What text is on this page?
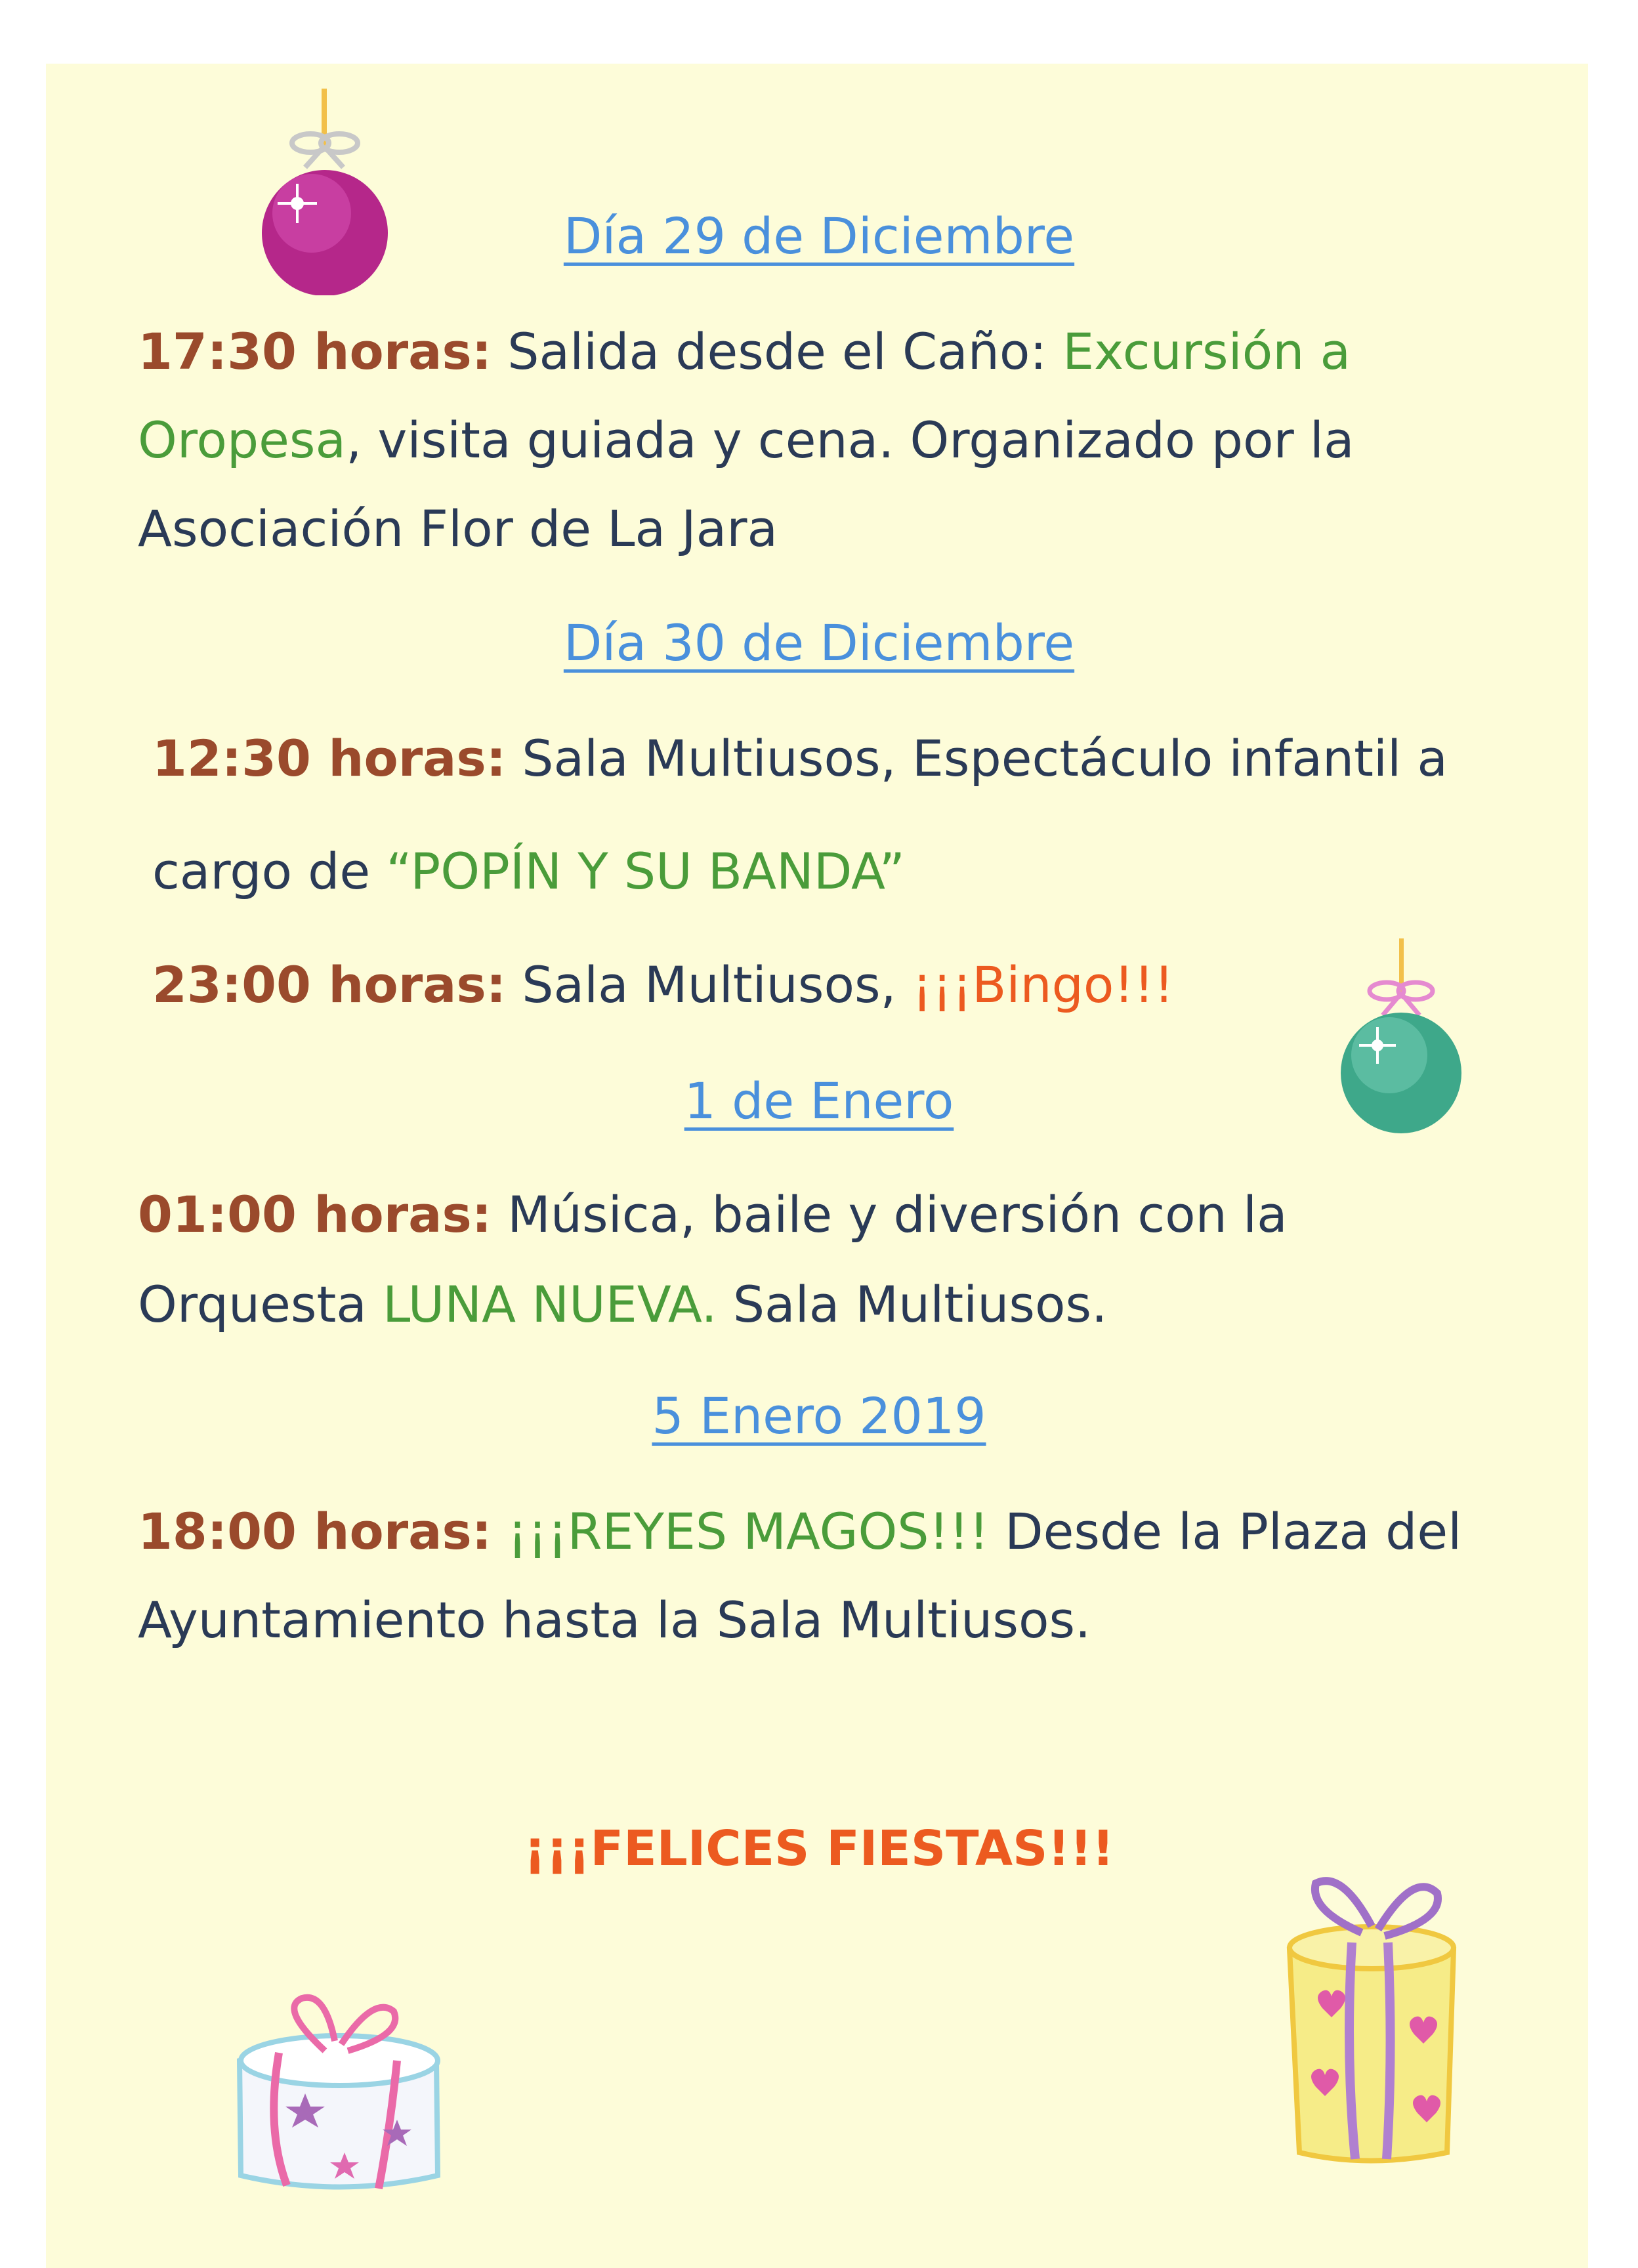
Día 29 de Diciembre
Día 30 de Diciembre
1 de Enero
5 Enero 2019
17:30 horas: Salida desde el Caño: Excursión a
Oropesa, visita guiada y cena. Organizado por la
Asociación Flor de La Jara
12:30 horas: Sala Multiusos, Espectáculo infantil a
cargo de “POPÍN Y SU BANDA”
23:00 horas: Sala Multiusos, ¡¡¡Bingo!!!
01:00 horas: Música, baile y diversión con la
Orquesta LUNA NUEVA. Sala Multiusos.
18:00 horas: ¡¡¡REYES MAGOS!!! Desde la Plaza del
Ayuntamiento hasta la Sala Multiusos.
¡¡¡FELICES FIESTAS!!!
